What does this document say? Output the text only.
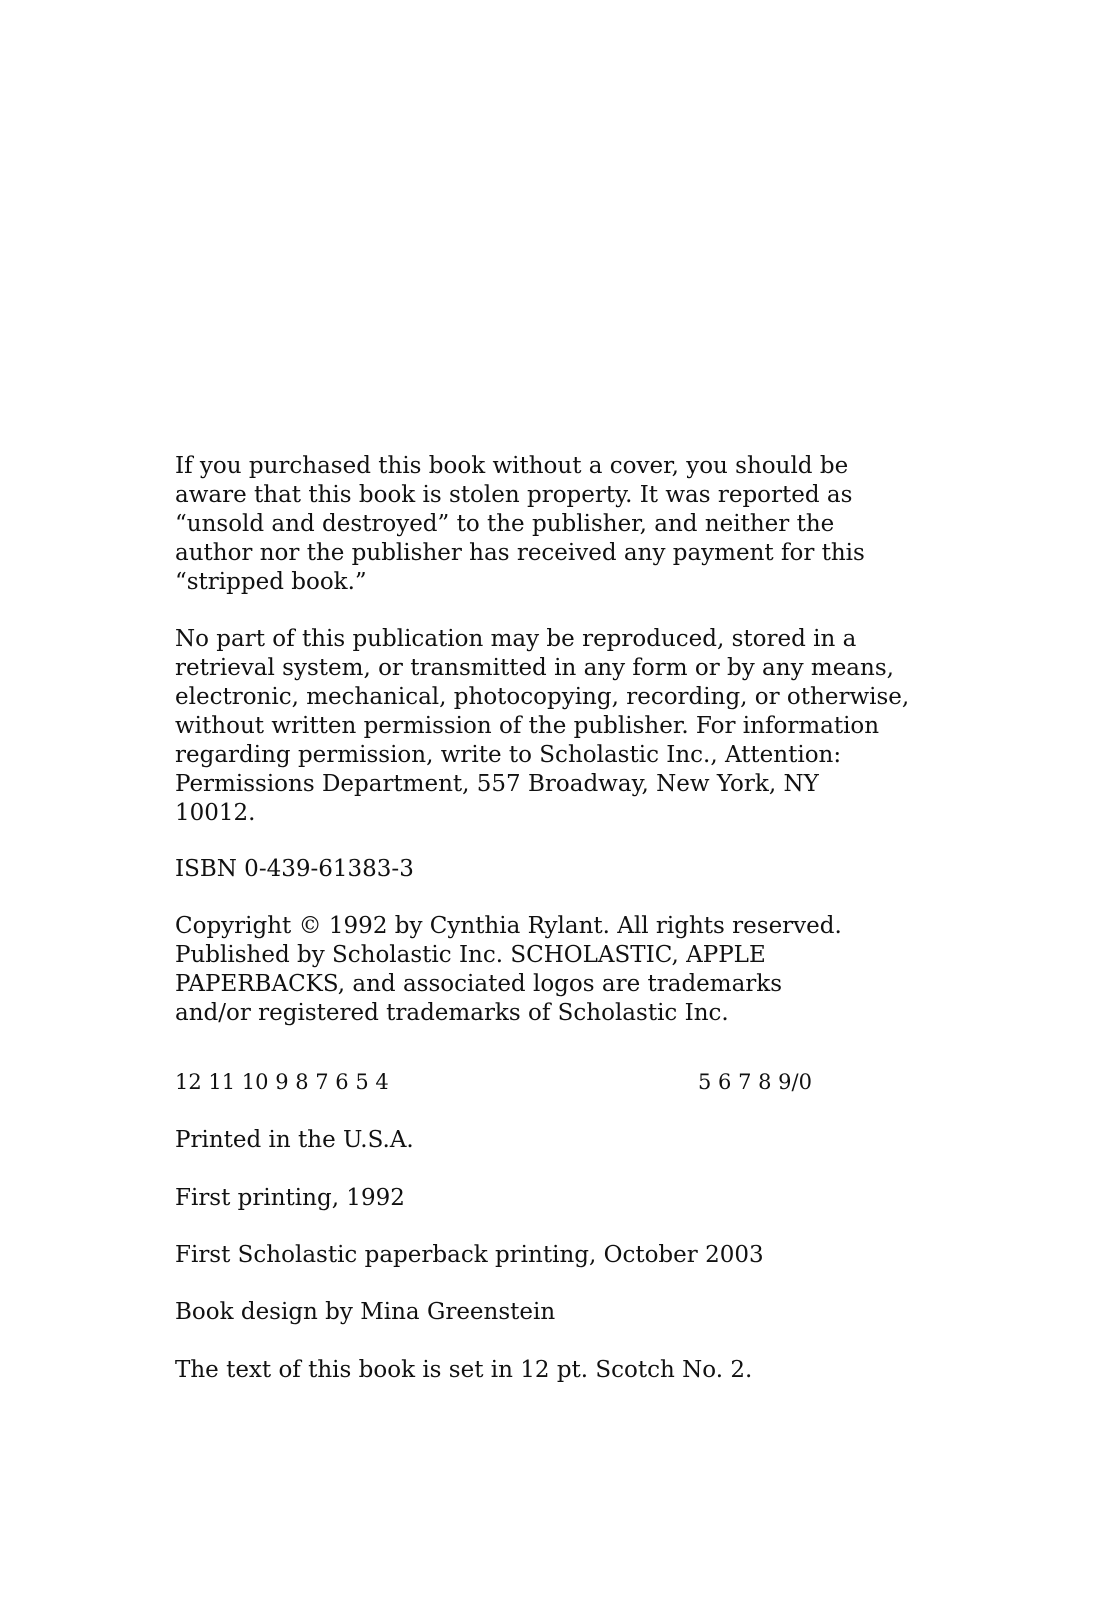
If you purchased this book without a cover, you should be
aware that this book is stolen property. It was reported as
“unsold and destroyed” to the publisher, and neither the
author nor the publisher has received any payment for this
“stripped book.”
No part of this publication may be reproduced, stored in a
retrieval system, or transmitted in any form or by any means,
electronic, mechanical, photocopying, recording, or otherwise,
without written permission of the publisher. For information
regarding permission, write to Scholastic Inc., Attention:
Permissions Department, 557 Broadway, New York, NY
10012.
ISBN 0-439-61383-3
Copyright © 1992 by Cynthia Rylant. All rights reserved.
Published by Scholastic Inc. SCHOLASTIC, APPLE
PAPERBACKS, and associated logos are trademarks
and/or registered trademarks of Scholastic Inc.
12 11 10 9 8 7 6 5 4	5 6 7 8 9/0
Printed in the U.S.A.
First printing, 1992
First Scholastic paperback printing, October 2003
Book design by Mina Greenstein
The text of this book is set in 12 pt. Scotch No. 2.
